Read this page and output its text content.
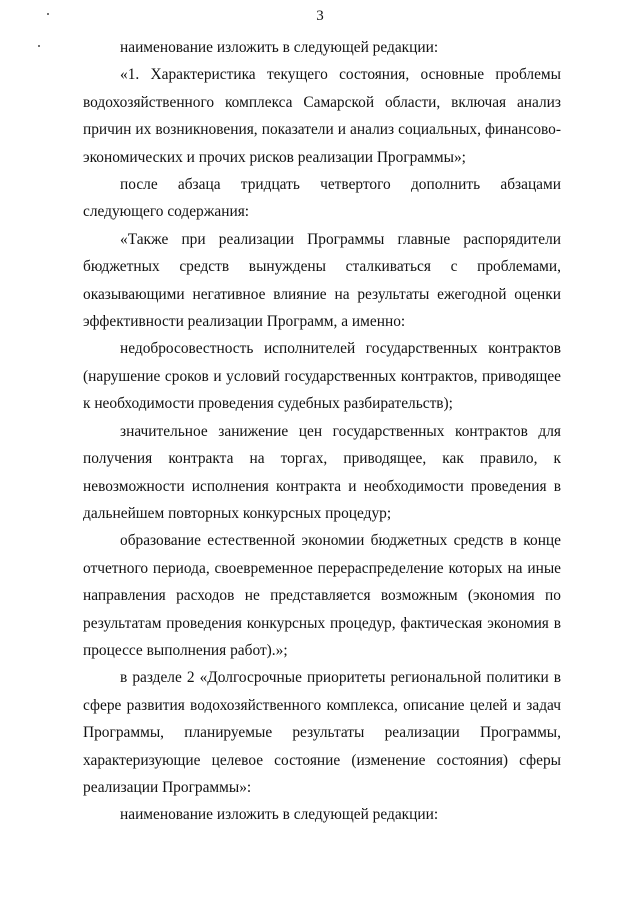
3

наименование изложить в следующей редакции:

«1. Характеристика текущего состояния, основные проблемы водохозяйственного комплекса Самарской области, включая анализ причин их возникновения, показатели и анализ социальных, финансово-экономических и прочих рисков реализации Программы»;

после абзаца тридцать четвертого дополнить абзацами следующего содержания:

«Также при реализации Программы главные распорядители бюджетных средств вынуждены сталкиваться с проблемами, оказывающими негативное влияние на результаты ежегодной оценки эффективности реализации Программ, а именно:

недобросовестность исполнителей государственных контрактов (нарушение сроков и условий государственных контрактов, приводящее к необходимости проведения судебных разбирательств);

значительное занижение цен государственных контрактов для получения контракта на торгах, приводящее, как правило, к невозможности исполнения контракта и необходимости проведения в дальнейшем повторных конкурсных процедур;

образование естественной экономии бюджетных средств в конце отчетного периода, своевременное перераспределение которых на иные направления расходов не представляется возможным (экономия по результатам проведения конкурсных процедур, фактическая экономия в процессе выполнения работ).»;

в разделе 2 «Долгосрочные приоритеты региональной политики в сфере развития водохозяйственного комплекса, описание целей и задач Программы, планируемые результаты реализации Программы, характеризующие целевое состояние (изменение состояния) сферы реализации Программы»:

наименование изложить в следующей редакции:
